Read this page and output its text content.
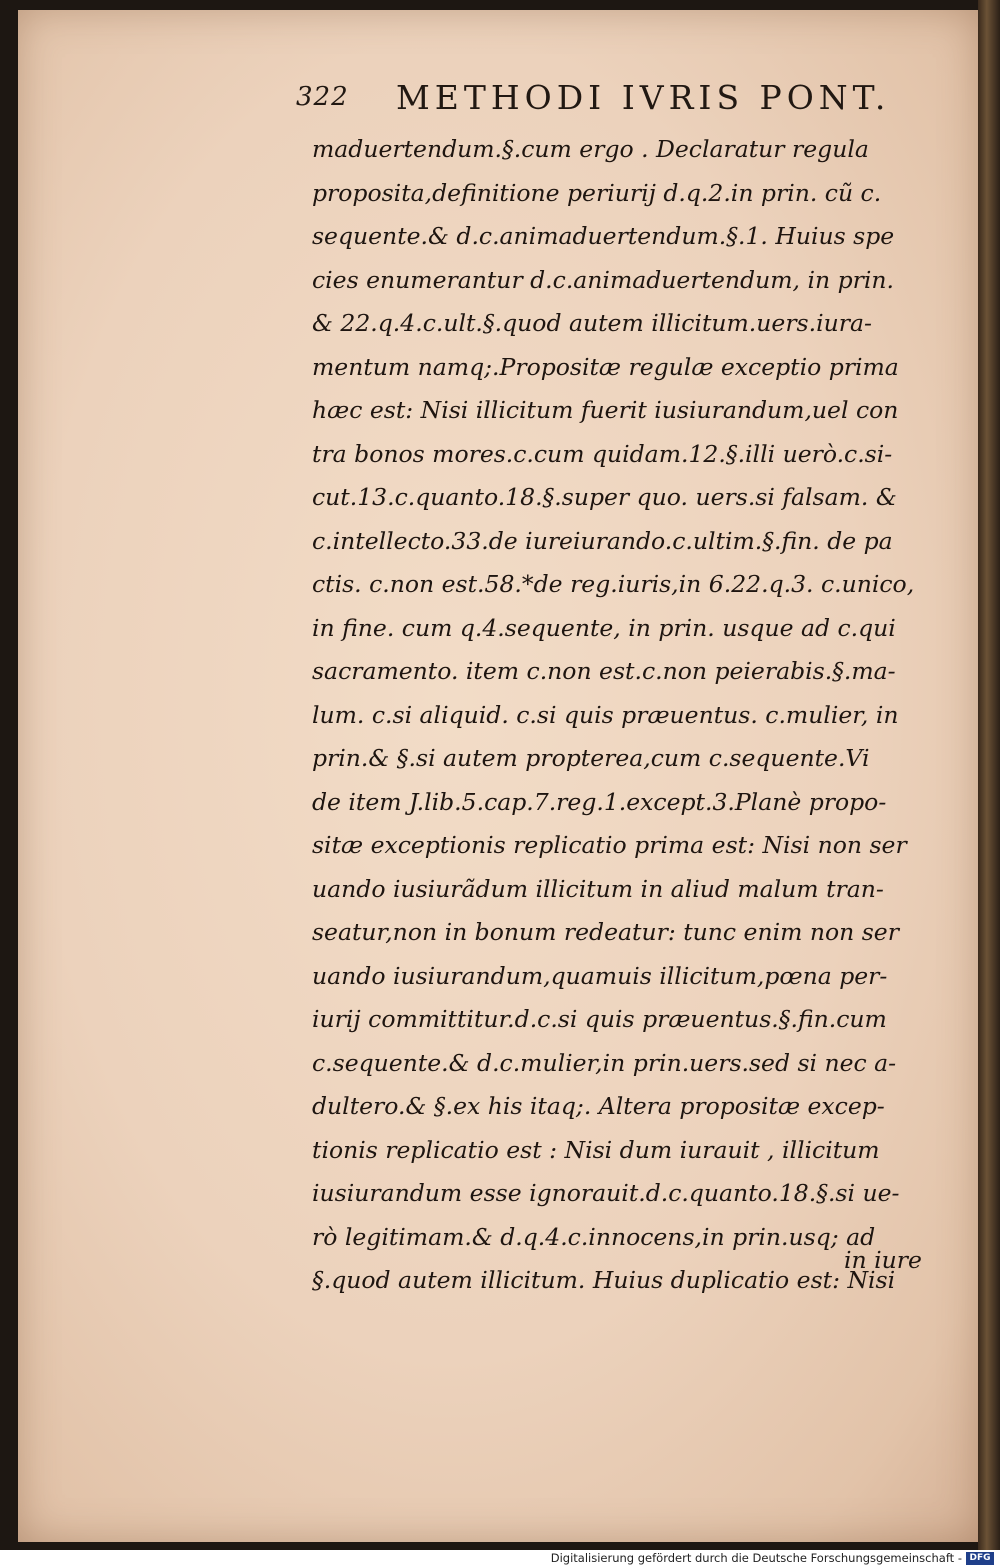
322 METHODI IVRIS PONT.
maduertendum.§.cum ergo . Declaratur regula
proposita,definitione periurij d.q.2.in prin. cũ c.
sequente.& d.c.animaduertendum.§.1. Huius spe
cies enumerantur d.c.animaduertendum, in prin.
& 22.q.4.c.ult.§.quod autem illicitum.uers.iura-
mentum namq;.Propositæ regulæ exceptio prima
hæc est: Nisi illicitum fuerit iusiurandum,uel con
tra bonos mores.c.cum quidam.12.§.illi uerò.c.si-
cut.13.c.quanto.18.§.super quo. uers.si falsam. &
c.intellecto.33.de iureiurando.c.ultim.§.fin. de pa
ctis. c.non est.58.*de reg.iuris,in 6.22.q.3. c.unico,
in fine. cum q.4.sequente, in prin. usque ad c.qui
sacramento. item c.non est.c.non peierabis.§.ma-
lum. c.si aliquid. c.si quis præuentus. c.mulier, in
prin.& §.si autem propterea,cum c.sequente.Vi
de item J.lib.5.cap.7.reg.1.except.3.Planè propo-
sitæ exceptionis replicatio prima est: Nisi non ser
uando iusiurãdum illicitum in aliud malum tran-
seatur,non in bonum redeatur: tunc enim non ser
uando iusiurandum,quamuis illicitum,pœna per-
iurij committitur.d.c.si quis præuentus.§.fin.cum
c.sequente.& d.c.mulier,in prin.uers.sed si nec a-
dultero.& §.ex his itaq;. Altera propositæ excep-
tionis replicatio est : Nisi dum iurauit , illicitum
iusiurandum esse ignorauit.d.c.quanto.18.§.si ue-
rò legitimam.& d.q.4.c.innocens,in prin.usq; ad
§.quod autem illicitum. Huius duplicatio est: Nisi
in iure
Digitalisierung gefördert durch die Deutsche Forschungsgemeinschaft - DFG
